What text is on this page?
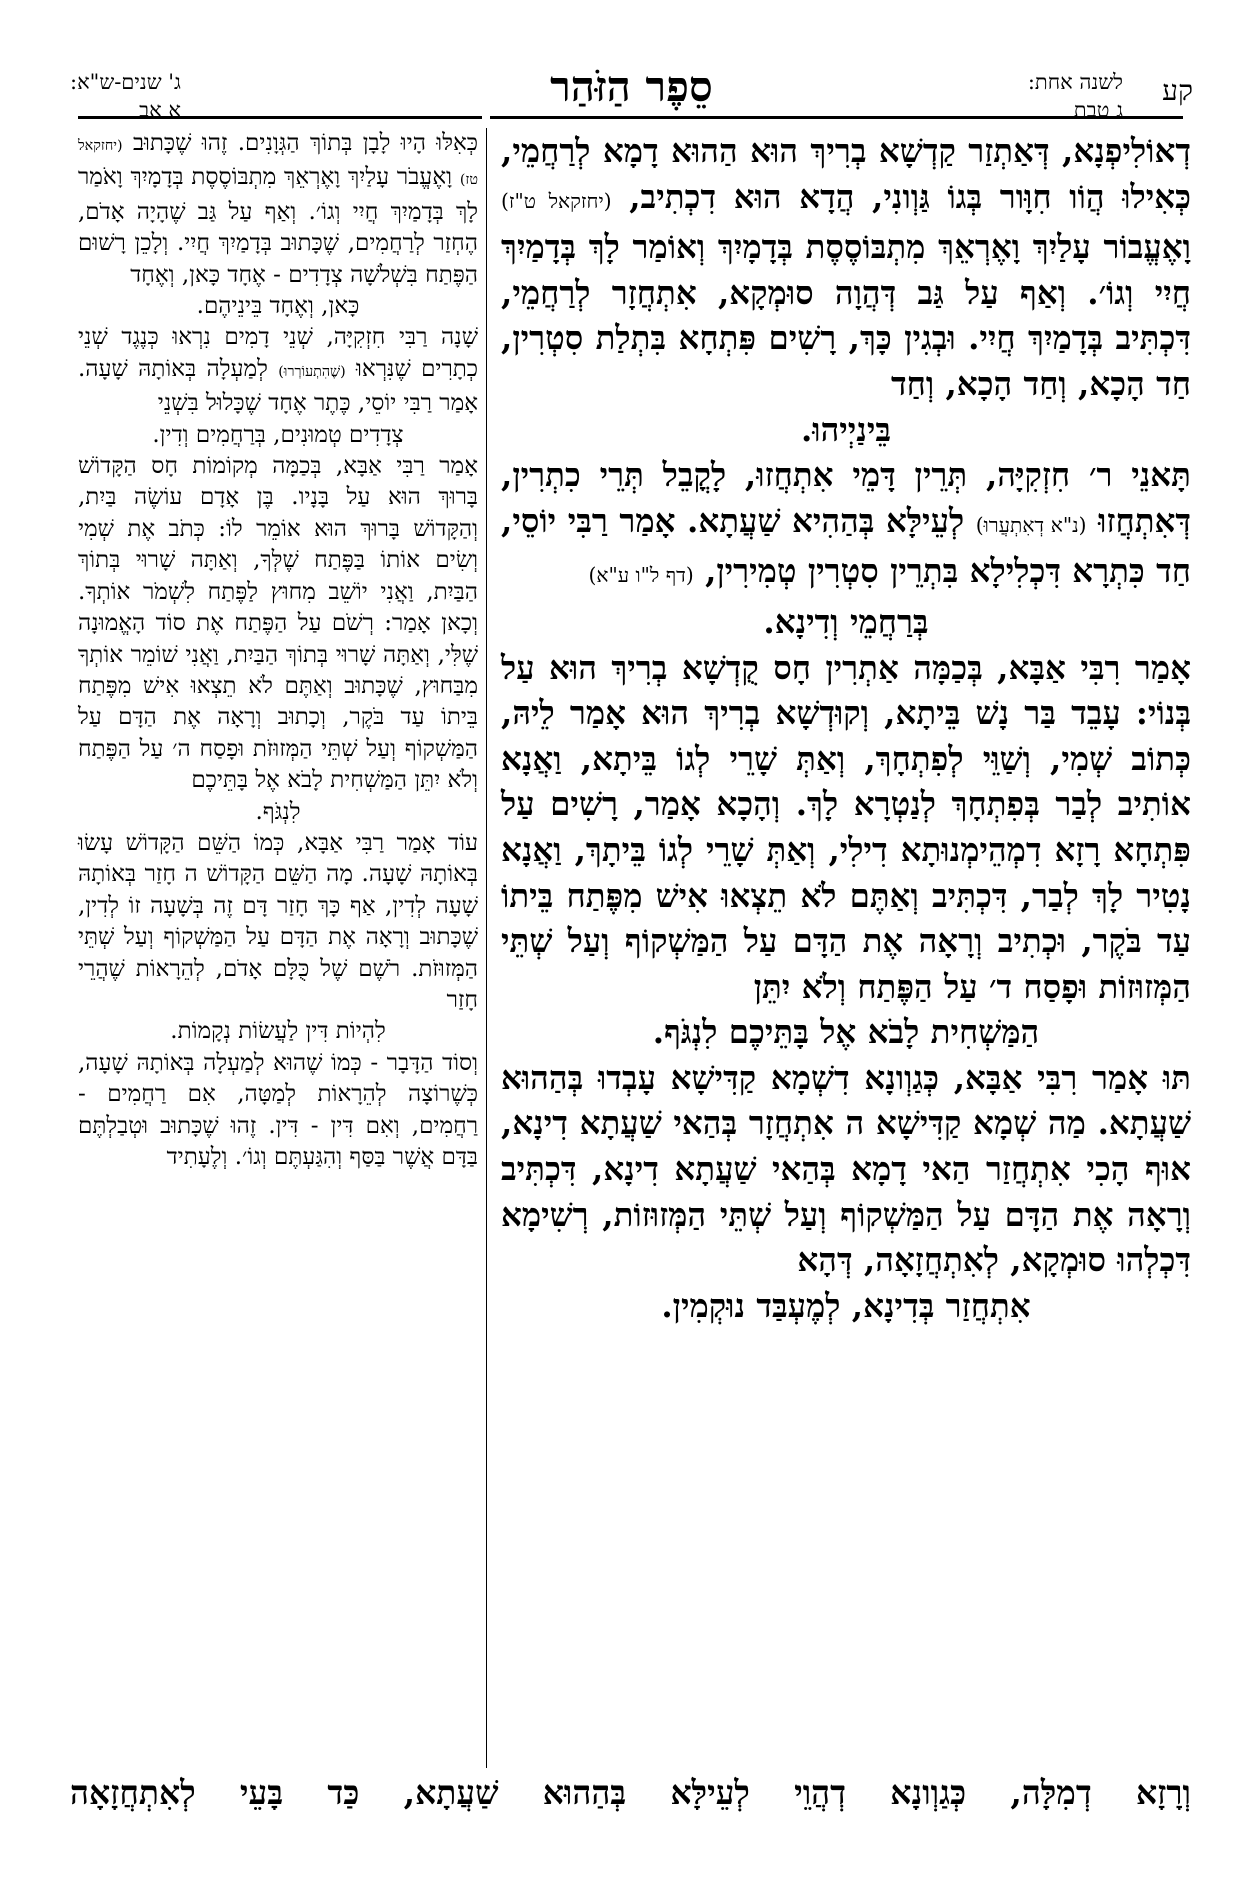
קע
לשנה אחת:
ג טבת
סֵפֶר הַזֹּהַר
ג' שנים-ש"א:
א אב

דְאוֹלִיפְנָא, דְּאַתְזַר קַדְשָׁא בְרִיךְ הוּא הַהוּא דָמָא לְרַחֲמֵי, כְּאִילוּ הֲוֹו חִוָּור בְּגוֹ גַּוְונִי, הֲדָא הוּא דִכְתִיב, (יחזקאל ט"ז) וָאֶעֱבוֹר עָלַיִךְ וָאֶרְאֵךְ מִתְבּוֹסֶסֶת בְּדָמָיִךְ וְאוֹמַר לָךְ בְּדָמַיִךְ חֲיִי וְגוֹ׳. וְאַף עַל גַּב דְּהֲוָה סוּמְקָא, אִתְחֲזָר לְרַחֲמֵי, דִּכְתִּיב בְּדָמַיִךְ חֲיִי. וּבְגִין כָּךְ, רָשִׁים פִּתְחָא בִּתְלַת סִטְרִין, חַד הָכָא, וְחַד הָכָא, וְחַד

בֵּינַיְיהוּ.

תָּאנֵי ר׳ חִזְקִיָּה, תְּרֵין דָּמֵי אִתְחֲזוּ, לָקֳבֵל תְּרֵי כִתְרִין, דְּאִתְחֲזוּ (נ"א דְאִתְעֲרוּ) לְעֵילָּא בְּהַהִיא שַׁעֲתָא. אָמַר רַבִּי יוֹסֵי, חַד כִּתְרָא דִּכְלִילָא בִּתְרֵין סִטְרִין טְמִירִין, (דף ל"ו ע"א)

בְּרַחֲמֵי וְדִינָא.

אָמַר רִבִּי אַבָּא, בְּכַמָּה אַתְרִין חָס קֻדְשָׁא בְרִיךְ הוּא עַל בְּנוֹי: עָבֵד בַּר נָשׁ בֵּיתָא, וְקוּדְשָׁא בְרִיךְ הוּא אָמַר לֵיהּ, כְּתוֹב שְׁמִי, וְשַׁוֵּי לְפִתְחָךְ, וְאַתְּ שָׁרֵי לְגוֹ בֵּיתָא, וַאֲנָא אוֹתִיב לְבַר בְּפִתְחָךְ לְנַטְרָא לָךְ. וְהָכָא אָמַר, רָשִׁים עַל פִּתְחָא רָזָא דִמְהֵימְנוּתָא דִילִי, וְאַתְּ שָׁרֵי לְגוֹ בֵּיתָךְ, וַאֲנָא נָטִיר לָךְ לְבַר, דִּכְתִּיב וְאַתֶּם לֹא תֵצְאוּ אִישׁ מִפֶּתַח בֵּיתוֹ עַד בֹּקֶר, וּכְתִיב וְרָאָה אֶת הַדָּם עַל הַמַּשְׁקוֹף וְעַל שְׁתֵּי הַמְּזוּזוֹת וּפָסַח ד׳ עַל הַפֶּתַח וְלֹא יִתֵּן

הַמַּשְׁחִית לָבֹא אֶל בָּתֵּיכֶם לִנְגֹּף.

תּוּ אָמַר רִבִּי אַבָּא, כְּגַוְונָא דִשְׁמָא קַדִּישָׁא עָבְדוּ בְּהַהוּא שַׁעֲתָא. מַה שְׁמָא קַדִּישָׁא ה אִתְחֲזָר בְּהַאי שַׁעֲתָא דִינָא, אוּף הָכִי אִתְחֲזַר הַאי דָמָא בְּהַאי שַׁעֲתָא דִינָא, דִּכְתִּיב וְרָאָה אֶת הַדָּם עַל הַמַּשְׁקוֹף וְעַל שְׁתֵּי הַמְּזוּזוֹת, רְשִׁימָא דִּכְלְהוּ סוּמְקָא, לְאִתְחֲזָאָה, דְּהָא

אִתְחֲזַר בְּדִינָא, לְמֶעְבַּד נוּקְמִין.

כְּאִלּוּ הָיוּ לָבָן בְּתוֹךְ הַגְּוָנִים. זֶהוּ שֶׁכָּתוּב (יחזקאל טז) וָאֶעֱבֹר עָלַיִךְ וָאֶרְאֵךְ מִתְבּוֹסֶסֶת בְּדָמָיִךְ וָאֹמַר לָךְ בְּדָמַיִךְ חֲיִי וְגוֹ׳. וְאַף עַל גַּב שֶׁהָיָה אָדֹם, הֶחְזַר לְרַחֲמִים, שֶׁכָּתוּב בְּדָמַיִךְ חֲיִי. וְלָכֵן רָשׁוּם הַפֶּתַח בִּשְׁלֹשָׁה צְדָדִים - אֶחָד כָּאן, וְאֶחָד

כָּאן, וְאֶחָד בֵּינֵיהֶם.

שָׁנָה רַבִּי חִזְקִיָּה, שְׁנֵי דָמִים נִרְאוּ כְּנֶגֶד שְׁנֵי כְתָרִים שֶׁנִּרְאוּ (שֶׁהִתְעוֹרְרוּ) לְמַעְלָה בְּאוֹתָהּ שָׁעָה. אָמַר רַבִּי יוֹסֵי, כֶּתֶר אֶחָד שֶׁכָּלוּל בִּשְׁנֵי

צְדָדִים טְמוּנִים, בְּרַחֲמִים וְדִין.

אָמַר רַבִּי אַבָּא, בְּכַמָּה מְקוֹמוֹת חָס הַקָּדוֹשׁ בָּרוּךְ הוּא עַל בָּנָיו. בֶּן אָדָם עוֹשֶׂה בַּיִת, וְהַקָּדוֹשׁ בָּרוּךְ הוּא אוֹמֵר לוֹ: כְּתֹב אֶת שְׁמִי וְשִׂים אוֹתוֹ בַּפֶּתַח שֶׁלְּךָ, וְאַתָּה שָׁרוּי בְּתוֹךְ הַבַּיִת, וַאֲנִי יוֹשֵׁב מִחוּץ לַפֶּתַח לִשְׁמֹר אוֹתְךָ. וְכָאן אָמַר: רְשֹׁם עַל הַפֶּתַח אֶת סוֹד הָאֱמוּנָה שֶׁלִּי, וְאַתָּה שָׁרוּי בְּתוֹךְ הַבַּיִת, וַאֲנִי שׁוֹמֵר אוֹתְךָ מִבַּחוּץ, שֶׁכָּתוּב וְאַתֶּם לֹא תֵצְאוּ אִישׁ מִפֶּתַח בֵּיתוֹ עַד בֹּקֶר, וְכָתוּב וְרָאָה אֶת הַדָּם עַל הַמַּשְׁקוֹף וְעַל שְׁתֵּי הַמְּזוּזֹת וּפָסַח ה׳ עַל הַפֶּתַח וְלֹא יִתֵּן הַמַּשְׁחִית לָבֹא אֶל בָּתֵּיכֶם

לִנְגֹּף.

עוֹד אָמַר רַבִּי אַבָּא, כְּמוֹ הַשֵּׁם הַקָּדוֹשׁ עָשׂוּ בְּאוֹתָהּ שָׁעָה. מָה הַשֵּׁם הַקָּדוֹשׁ ה חָזַר בְּאוֹתָהּ שָׁעָה לְדִין, אַף כָּךְ חָזַר דָּם זֶה בְּשָׁעָה זוֹ לְדִין, שֶׁכָּתוּב וְרָאָה אֶת הַדָּם עַל הַמַּשְׁקוֹף וְעַל שְׁתֵּי הַמְּזוּזֹת. רֹשֶׁם שֶׁל כֻּלָּם אָדֹם, לְהֵרָאוֹת שֶׁהֲרֵי חָזַר

לִהְיוֹת דִּין לַעֲשׂוֹת נְקָמוֹת.

וְסוֹד הַדָּבָר - כְּמוֹ שֶׁהוּא לְמַעְלָה בְּאוֹתָהּ שָׁעָה, כְּשֶׁרוֹצָה לְהֵרָאוֹת לְמַטָּה, אִם רַחֲמִים - רַחֲמִים, וְאִם דִּין - דִּין. זֶהוּ שֶׁכָּתוּב וּטְבַלְתֶּם בַּדָּם אֲשֶׁר בַּסַּף וְהִגַּעְתֶּם וְגוֹ׳. וְלֶעָתִיד

וְרָזָא דְמִלָּה, כְּגַוְונָא דְהֲוֵי לְעֵילָּא בְּהַהוּא שַׁעֲתָא, כַּד בָּעֵי לְאִתְחֲזָאָה
